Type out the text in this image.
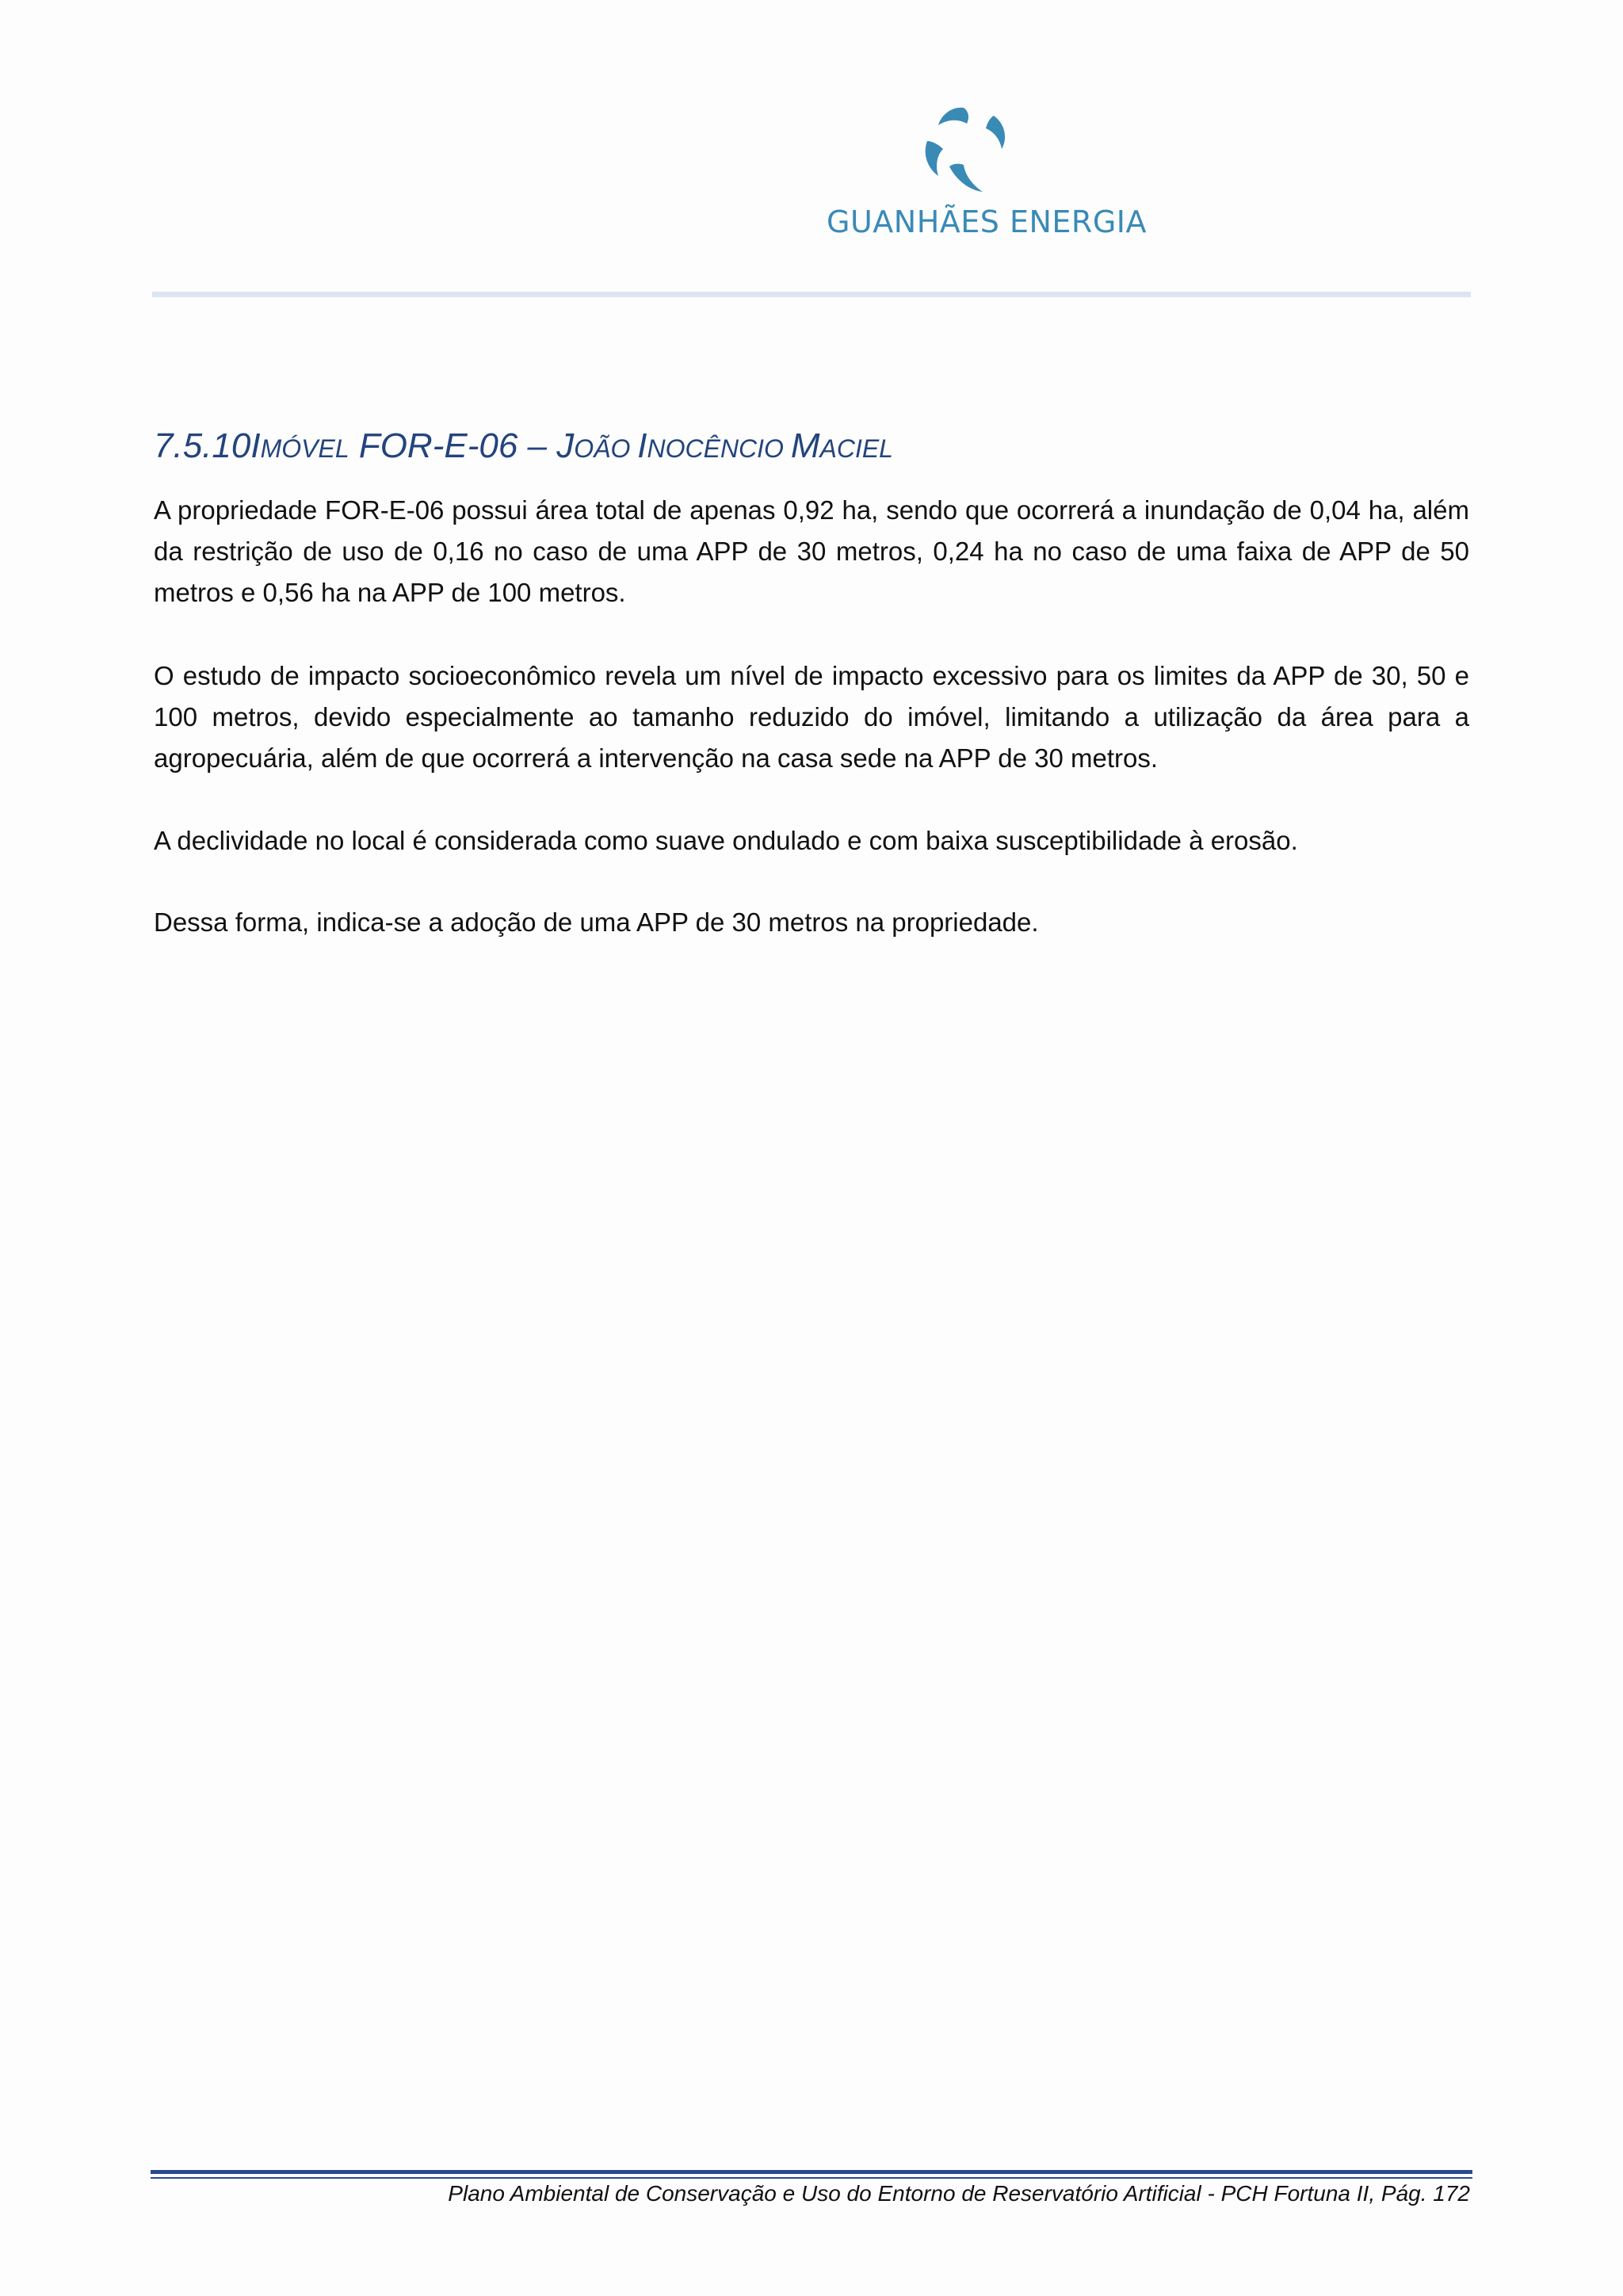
GUANHÃES ENERGIA
7.5.10IMÓVEL FOR-E-06 – JOÃO INOCÊNCIO MACIEL

A propriedade FOR-E-06 possui área total de apenas 0,92 ha, sendo que ocorrerá a inundação de 0,04 ha, além da restrição de uso de 0,16 no caso de uma APP de 30 metros, 0,24 ha no caso de uma faixa de APP de 50 metros e 0,56 ha na APP de 100 metros.

O estudo de impacto socioeconômico revela um nível de impacto excessivo para os limites da APP de 30, 50 e 100 metros, devido especialmente ao tamanho reduzido do imóvel, limitando a utilização da área para a agropecuária, além de que ocorrerá a intervenção na casa sede na APP de 30 metros.

A declividade no local é considerada como suave ondulado e com baixa susceptibilidade à erosão.

Dessa forma, indica-se a adoção de uma APP de 30 metros na propriedade.

Plano Ambiental de Conservação e Uso do Entorno de Reservatório Artificial - PCH Fortuna II, Pág. 172
